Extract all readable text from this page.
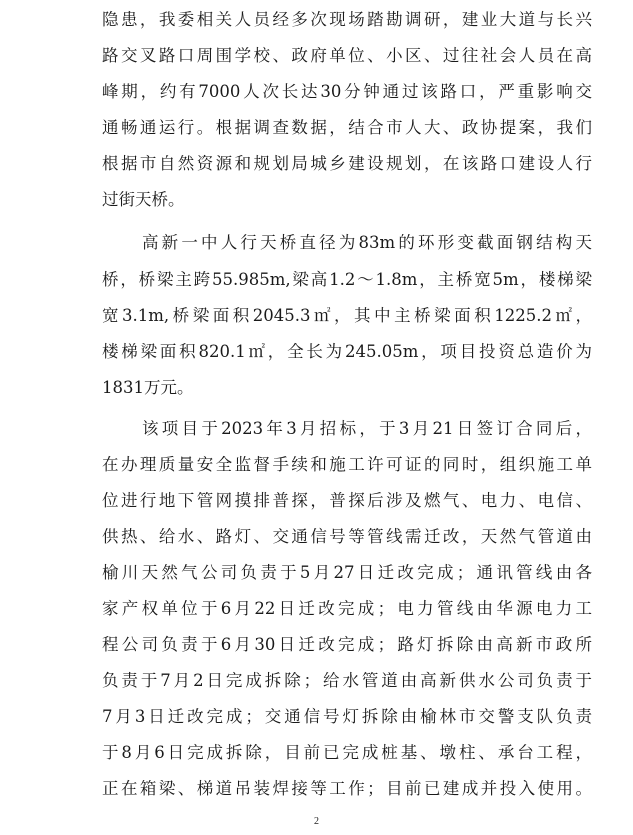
隐患，我委相关人员经多次现场踏勘调研，建业大道与长兴
路交叉路口周围学校、政府单位、小区、过往社会人员在高
峰期，约有7000人次长达30分钟通过该路口，严重影响交
通畅通运行。根据调查数据，结合市人大、政协提案，我们
根据市自然资源和规划局城乡建设规划，在该路口建设人行
过街天桥。
高新一中人行天桥直径为83m的环形变截面钢结构天
桥，桥梁主跨55.985m,梁高1.2～1.8m，主桥宽5m，楼梯梁
宽3.1m,桥梁面积2045.3㎡，其中主桥梁面积1225.2㎡，
楼梯梁面积820.1㎡，全长为245.05m，项目投资总造价为
1831万元。
该项目于2023年3月招标，于3月21日签订合同后，
在办理质量安全监督手续和施工许可证的同时，组织施工单
位进行地下管网摸排普探，普探后涉及燃气、电力、电信、
供热、给水、路灯、交通信号等管线需迁改，天然气管道由
榆川天然气公司负责于5月27日迁改完成；通讯管线由各
家产权单位于6月22日迁改完成；电力管线由华源电力工
程公司负责于6月30日迁改完成；路灯拆除由高新市政所
负责于7月2日完成拆除；给水管道由高新供水公司负责于
7月3日迁改完成；交通信号灯拆除由榆林市交警支队负责
于8月6日完成拆除，目前已完成桩基、墩柱、承台工程，
正在箱梁、梯道吊装焊接等工作；目前已建成并投入使用。
2
